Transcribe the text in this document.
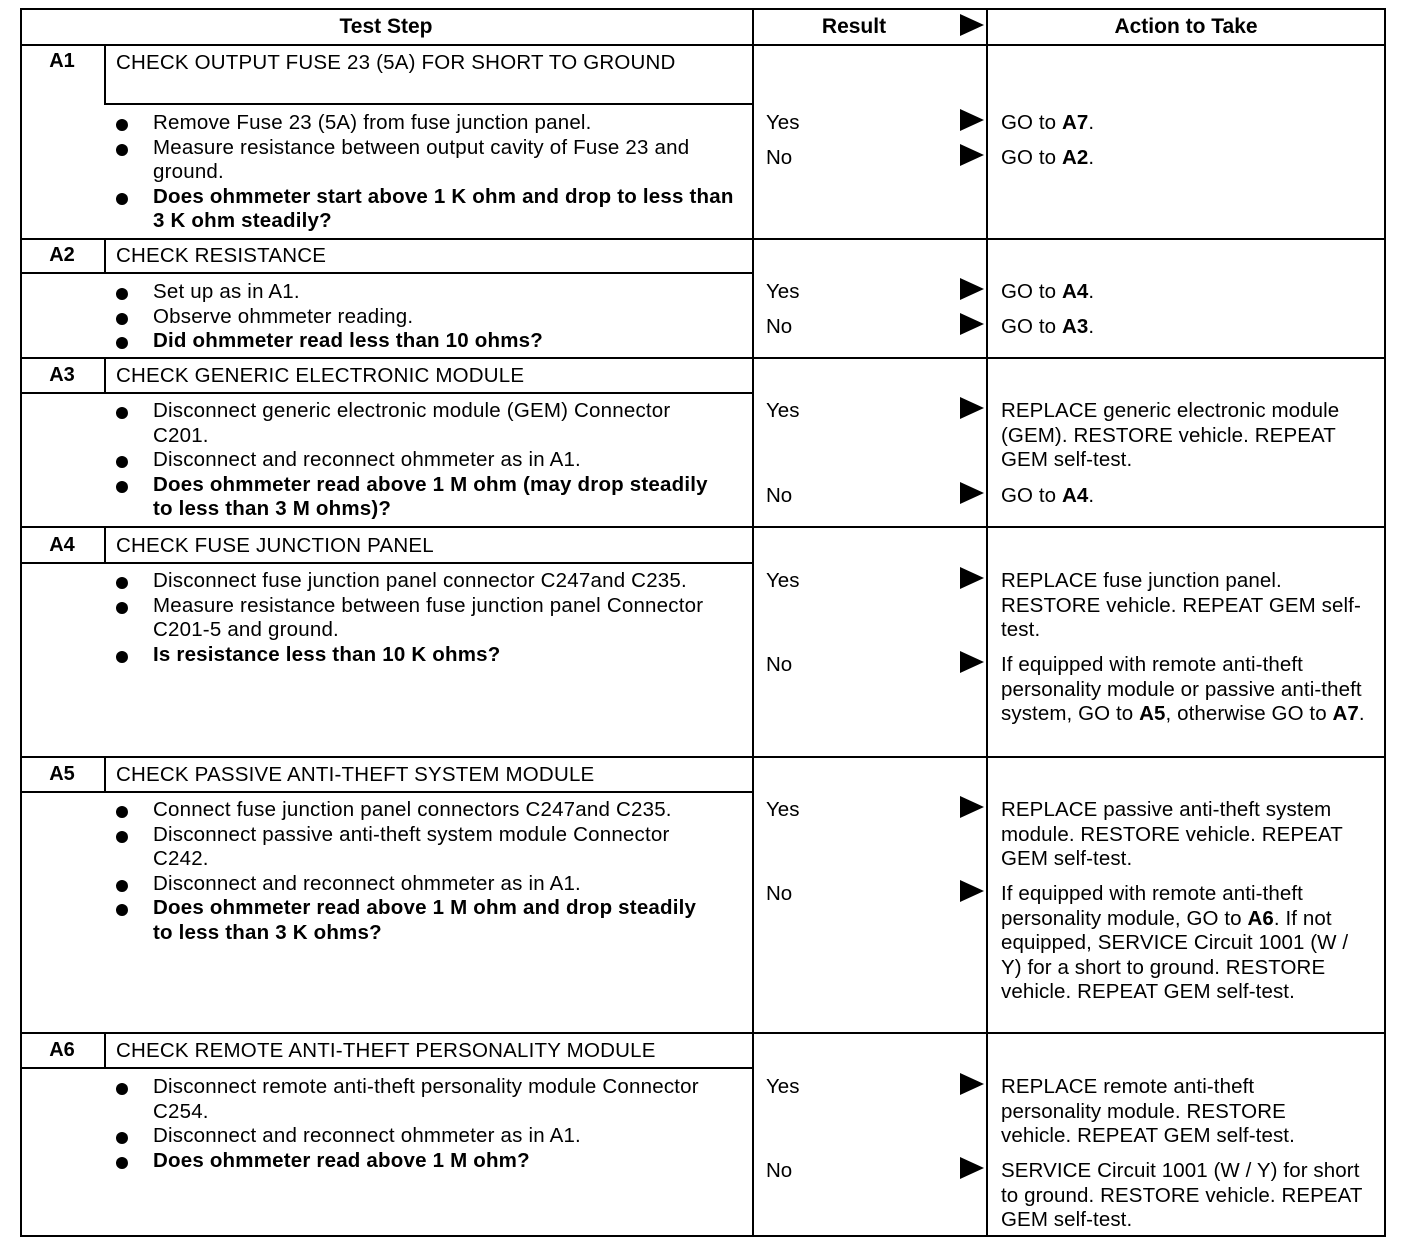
Test Step	Result	Action to Take
A1	CHECK OUTPUT FUSE 23 (5A) FOR SHORT TO GROUND
Remove Fuse 23 (5A) from fuse junction panel.
Measure resistance between output cavity of Fuse 23 and ground.
Does ohmmeter start above 1 K ohm and drop to less than 3 K ohm steadily?
Yes	GO to A7.
No	GO to A2.
A2	CHECK RESISTANCE
Set up as in A1.
Observe ohmmeter reading.
Did ohmmeter read less than 10 ohms?
Yes	GO to A4.
No	GO to A3.
A3	CHECK GENERIC ELECTRONIC MODULE
Disconnect generic electronic module (GEM) Connector C201.
Disconnect and reconnect ohmmeter as in A1.
Does ohmmeter read above 1 M ohm (may drop steadily to less than 3 M ohms)?
Yes	REPLACE generic electronic module (GEM). RESTORE vehicle. REPEAT GEM self-test.
No	GO to A4.
A4	CHECK FUSE JUNCTION PANEL
Disconnect fuse junction panel connector C247and C235.
Measure resistance between fuse junction panel Connector C201-5 and ground.
Is resistance less than 10 K ohms?
Yes	REPLACE fuse junction panel. RESTORE vehicle. REPEAT GEM self-test.
No	If equipped with remote anti-theft personality module or passive anti-theft system, GO to A5, otherwise GO to A7.
A5	CHECK PASSIVE ANTI-THEFT SYSTEM MODULE
Connect fuse junction panel connectors C247and C235.
Disconnect passive anti-theft system module Connector C242.
Disconnect and reconnect ohmmeter as in A1.
Does ohmmeter read above 1 M ohm and drop steadily to less than 3 K ohms?
Yes	REPLACE passive anti-theft system module. RESTORE vehicle. REPEAT GEM self-test.
No	If equipped with remote anti-theft personality module, GO to A6. If not equipped, SERVICE Circuit 1001 (W / Y) for a short to ground. RESTORE vehicle. REPEAT GEM self-test.
A6	CHECK REMOTE ANTI-THEFT PERSONALITY MODULE
Disconnect remote anti-theft personality module Connector C254.
Disconnect and reconnect ohmmeter as in A1.
Does ohmmeter read above 1 M ohm?
Yes	REPLACE remote anti-theft personality module. RESTORE vehicle. REPEAT GEM self-test.
No	SERVICE Circuit 1001 (W / Y) for short to ground. RESTORE vehicle. REPEAT GEM self-test.
